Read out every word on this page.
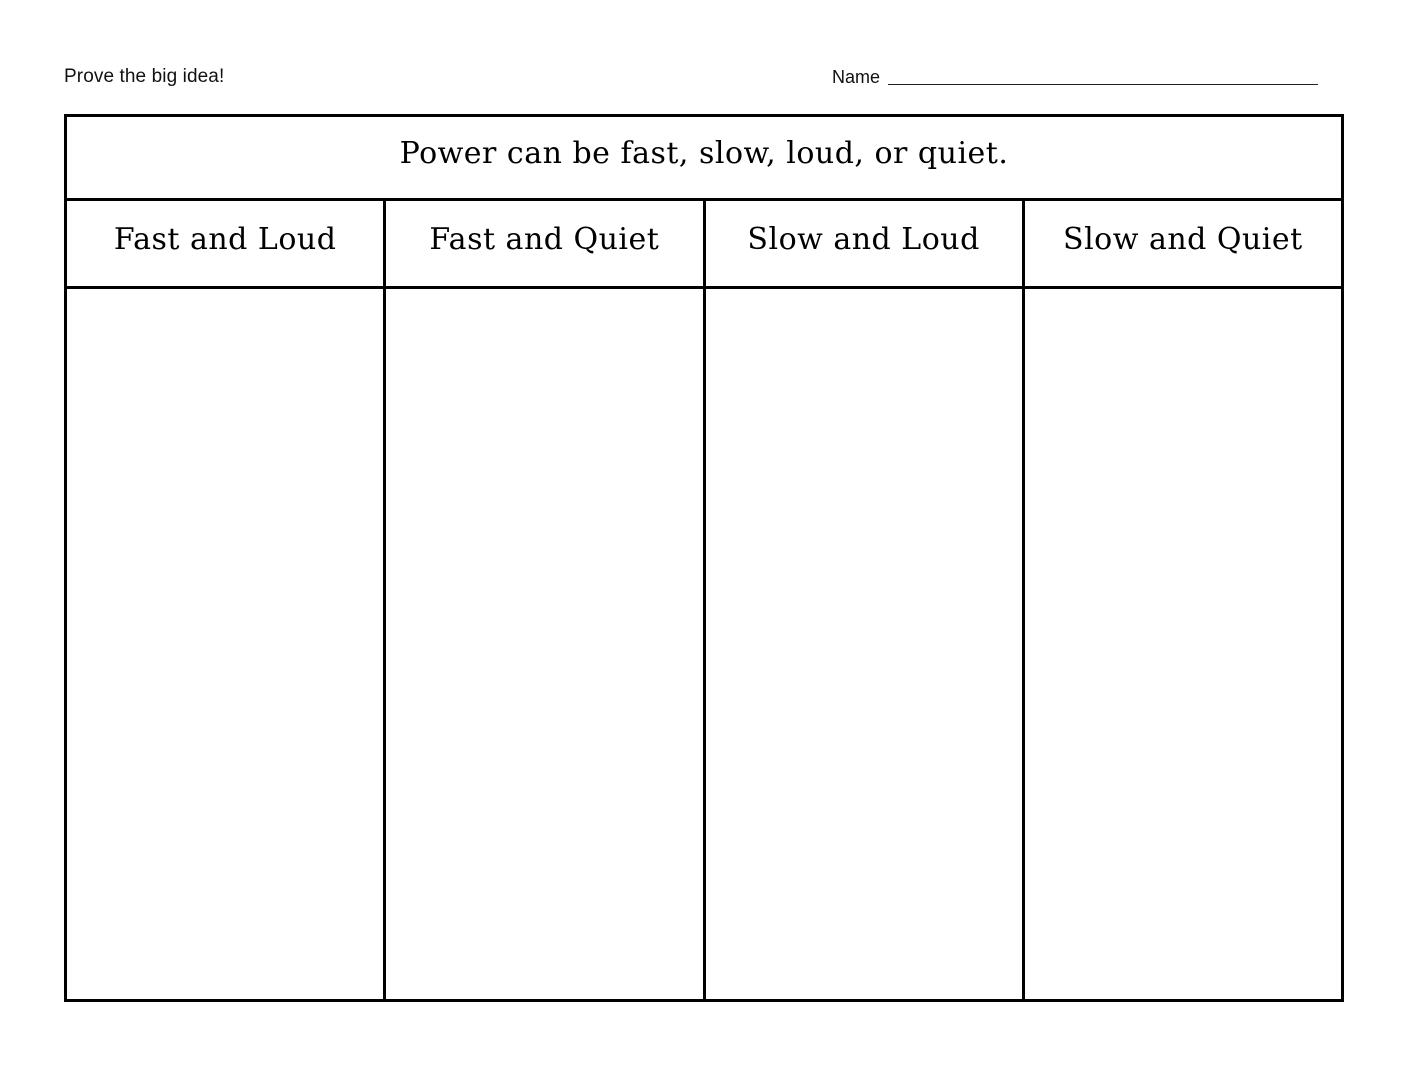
Prove the big idea!	Name
Power can be fast, slow, loud, or quiet.
Fast and Loud	Fast and Quiet	Slow and Loud	Slow and Quiet
